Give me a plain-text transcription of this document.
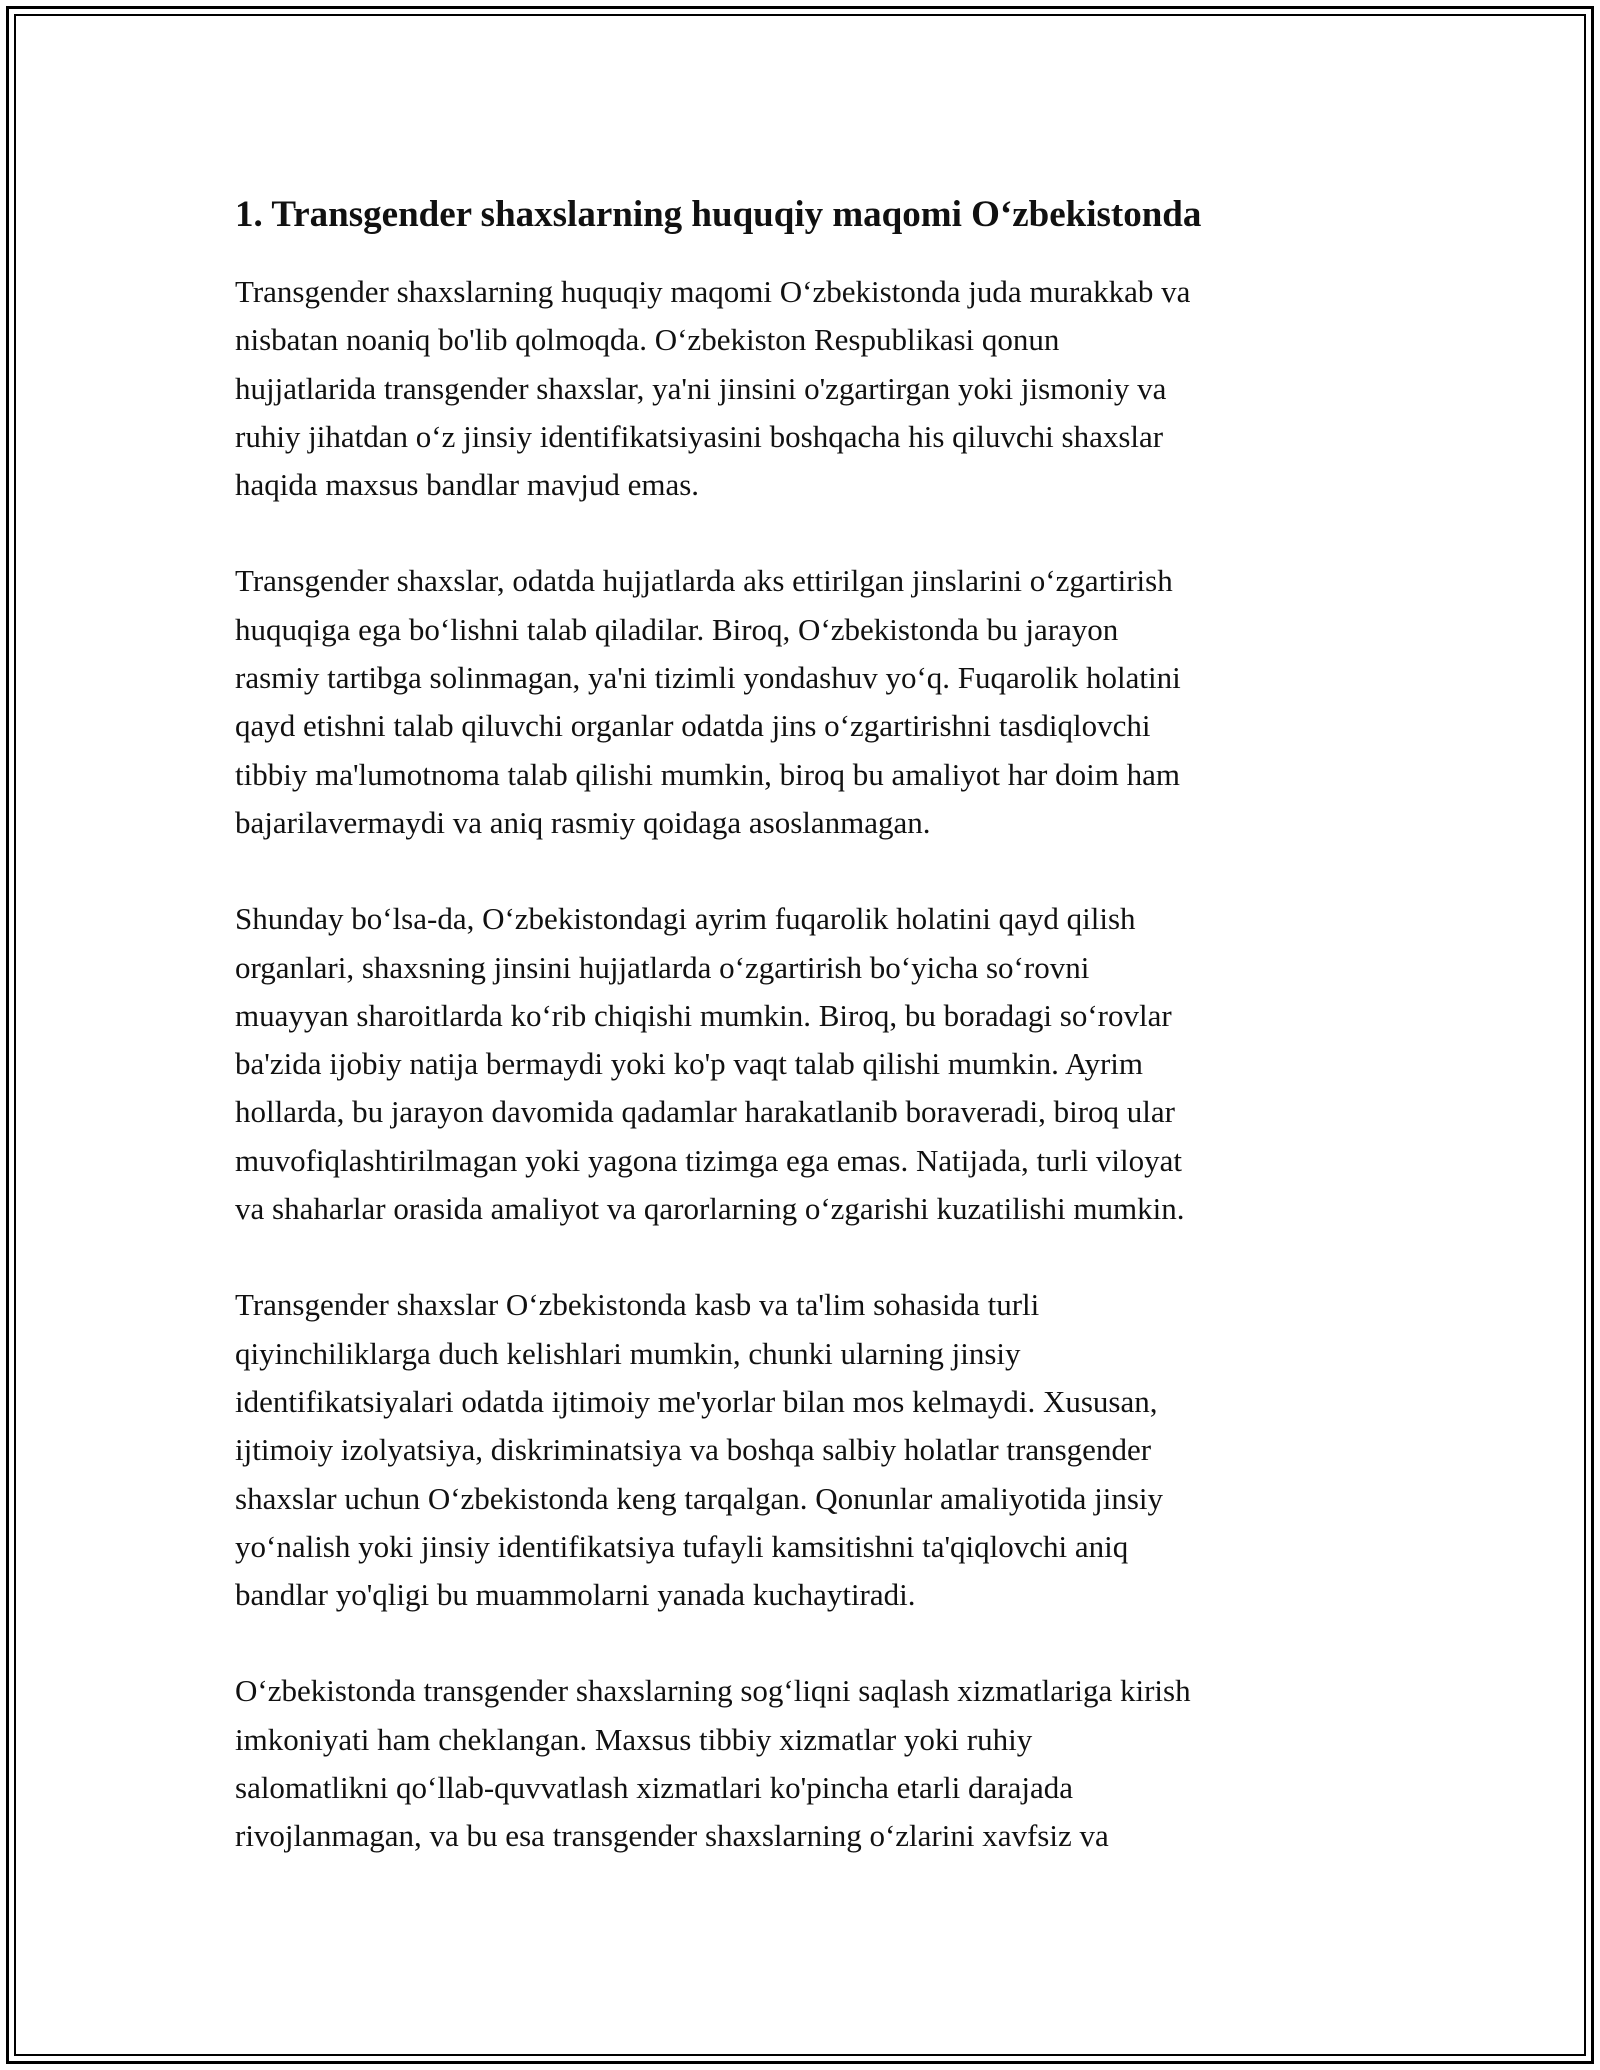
1. Transgender shaxslarning huquqiy maqomi O‘zbekistonda
Transgender shaxslarning huquqiy maqomi O‘zbekistonda juda murakkab va
nisbatan noaniq bo'lib qolmoqda. O‘zbekiston Respublikasi qonun
hujjatlarida transgender shaxslar, ya'ni jinsini o'zgartirgan yoki jismoniy va
ruhiy jihatdan o‘z jinsiy identifikatsiyasini boshqacha his qiluvchi shaxslar
haqida maxsus bandlar mavjud emas.
Transgender shaxslar, odatda hujjatlarda aks ettirilgan jinslarini o‘zgartirish
huquqiga ega bo‘lishni talab qiladilar. Biroq, O‘zbekistonda bu jarayon
rasmiy tartibga solinmagan, ya'ni tizimli yondashuv yo‘q. Fuqarolik holatini
qayd etishni talab qiluvchi organlar odatda jins o‘zgartirishni tasdiqlovchi
tibbiy ma'lumotnoma talab qilishi mumkin, biroq bu amaliyot har doim ham
bajarilavermaydi va aniq rasmiy qoidaga asoslanmagan.
Shunday bo‘lsa-da, O‘zbekistondagi ayrim fuqarolik holatini qayd qilish
organlari, shaxsning jinsini hujjatlarda o‘zgartirish bo‘yicha so‘rovni
muayyan sharoitlarda ko‘rib chiqishi mumkin. Biroq, bu boradagi so‘rovlar
ba'zida ijobiy natija bermaydi yoki ko'p vaqt talab qilishi mumkin. Ayrim
hollarda, bu jarayon davomida qadamlar harakatlanib boraveradi, biroq ular
muvofiqlashtirilmagan yoki yagona tizimga ega emas. Natijada, turli viloyat
va shaharlar orasida amaliyot va qarorlarning o‘zgarishi kuzatilishi mumkin.
Transgender shaxslar O‘zbekistonda kasb va ta'lim sohasida turli
qiyinchiliklarga duch kelishlari mumkin, chunki ularning jinsiy
identifikatsiyalari odatda ijtimoiy me'yorlar bilan mos kelmaydi. Xususan,
ijtimoiy izolyatsiya, diskriminatsiya va boshqa salbiy holatlar transgender
shaxslar uchun O‘zbekistonda keng tarqalgan. Qonunlar amaliyotida jinsiy
yo‘nalish yoki jinsiy identifikatsiya tufayli kamsitishni ta'qiqlovchi aniq
bandlar yo'qligi bu muammolarni yanada kuchaytiradi.
O‘zbekistonda transgender shaxslarning sog‘liqni saqlash xizmatlariga kirish
imkoniyati ham cheklangan. Maxsus tibbiy xizmatlar yoki ruhiy
salomatlikni qo‘llab-quvvatlash xizmatlari ko'pincha etarli darajada
rivojlanmagan, va bu esa transgender shaxslarning o‘zlarini xavfsiz va
